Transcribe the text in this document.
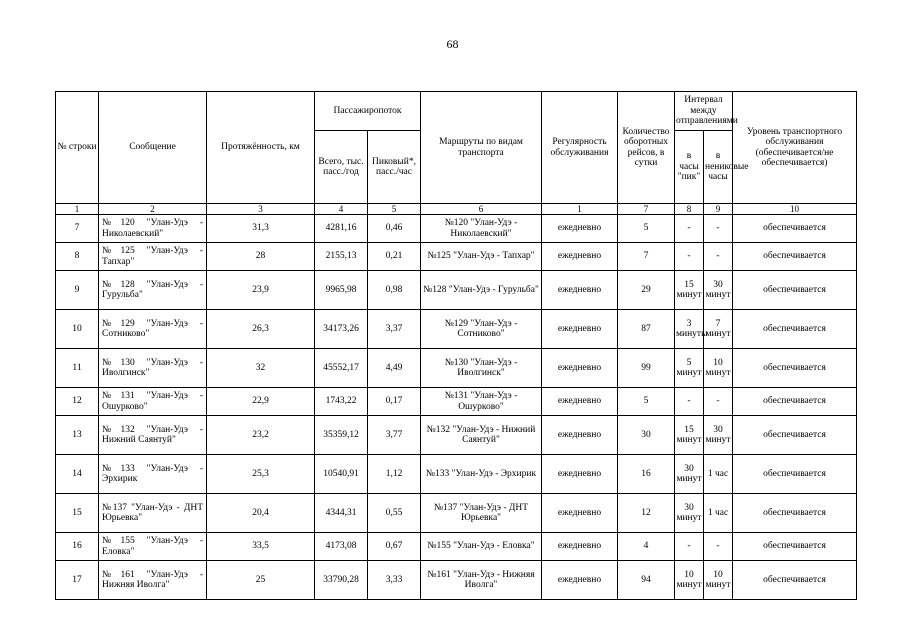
68
№ строки	Сообщение	Протяжённость, км	Пассажиропоток		Маршруты по видам транспорта	Регулярность обслуживания	Количество оборотных рейсов, в сутки	Интервал между отправлениями		Уровень транспортного обслуживания (обеспечивается/не обеспечивается)
			Всего, тыс. пасс./год	Пиковый*, пасс./час				в часы "пик"	в нениковые часы	
1	2	3	4	5	6	1	7	8	9	10
7	№120 "Улан-Удэ - Николаевский"	31,3	4281,16	0,46	№120 "Улан-Удэ - Николаевский"	ежедневно	5	-	-	обеспечивается
8	№125 "Улан-Удэ - Тапхар"	28	2155,13	0,21	№125 "Улан-Удэ - Тапхар"	ежедневно	7	-	-	обеспечивается
9	№128 "Улан-Удэ - Гурульба"	23,9	9965,98	0,98	№128 "Улан-Удэ - Гурульба"	ежедневно	29	15 минут	30 минут	обеспечивается
10	№129 "Улан-Удэ - Сотниково"	26,3	34173,26	3,37	№129 "Улан-Удэ - Сотниково"	ежедневно	87	3 минуты	7 минут	обеспечивается
11	№130 "Улан-Удэ - Иволгинск"	32	45552,17	4,49	№130 "Улан-Удэ - Иволгинск"	ежедневно	99	5 минут	10 минут	обеспечивается
12	№131 "Улан-Удэ - Ошурково"	22,9	1743,22	0,17	№131 "Улан-Удэ - Ошурково"	ежедневно	5	-	-	обеспечивается
13	№132 "Улан-Удэ - Нижний Саянтуй"	23,2	35359,12	3,77	№132 "Улан-Удэ - Нижний Саянтуй"	ежедневно	30	15 минут	30 минут	обеспечивается
14	№133 "Улан-Удэ - Эрхирик	25,3	10540,91	1,12	№133 "Улан-Удэ - Эрхирик	ежедневно	16	30 минут	1 час	обеспечивается
15	№137 "Улан-Удэ - ДНТ Юрьевка"	20,4	4344,31	0,55	№137 "Улан-Удэ - ДНТ Юрьевка"	ежедневно	12	30 минут	1 час	обеспечивается
16	№155 "Улан-Удэ - Еловка"	33,5	4173,08	0,67	№155 "Улан-Удэ - Еловка"	ежедневно	4	-	-	обеспечивается
17	№161 "Улан-Удэ - Нижняя Иволга"	25	33790,28	3,33	№161 "Улан-Удэ - Нижняя Иволга"	ежедневно	94	10 минут	10 минут	обеспечивается
